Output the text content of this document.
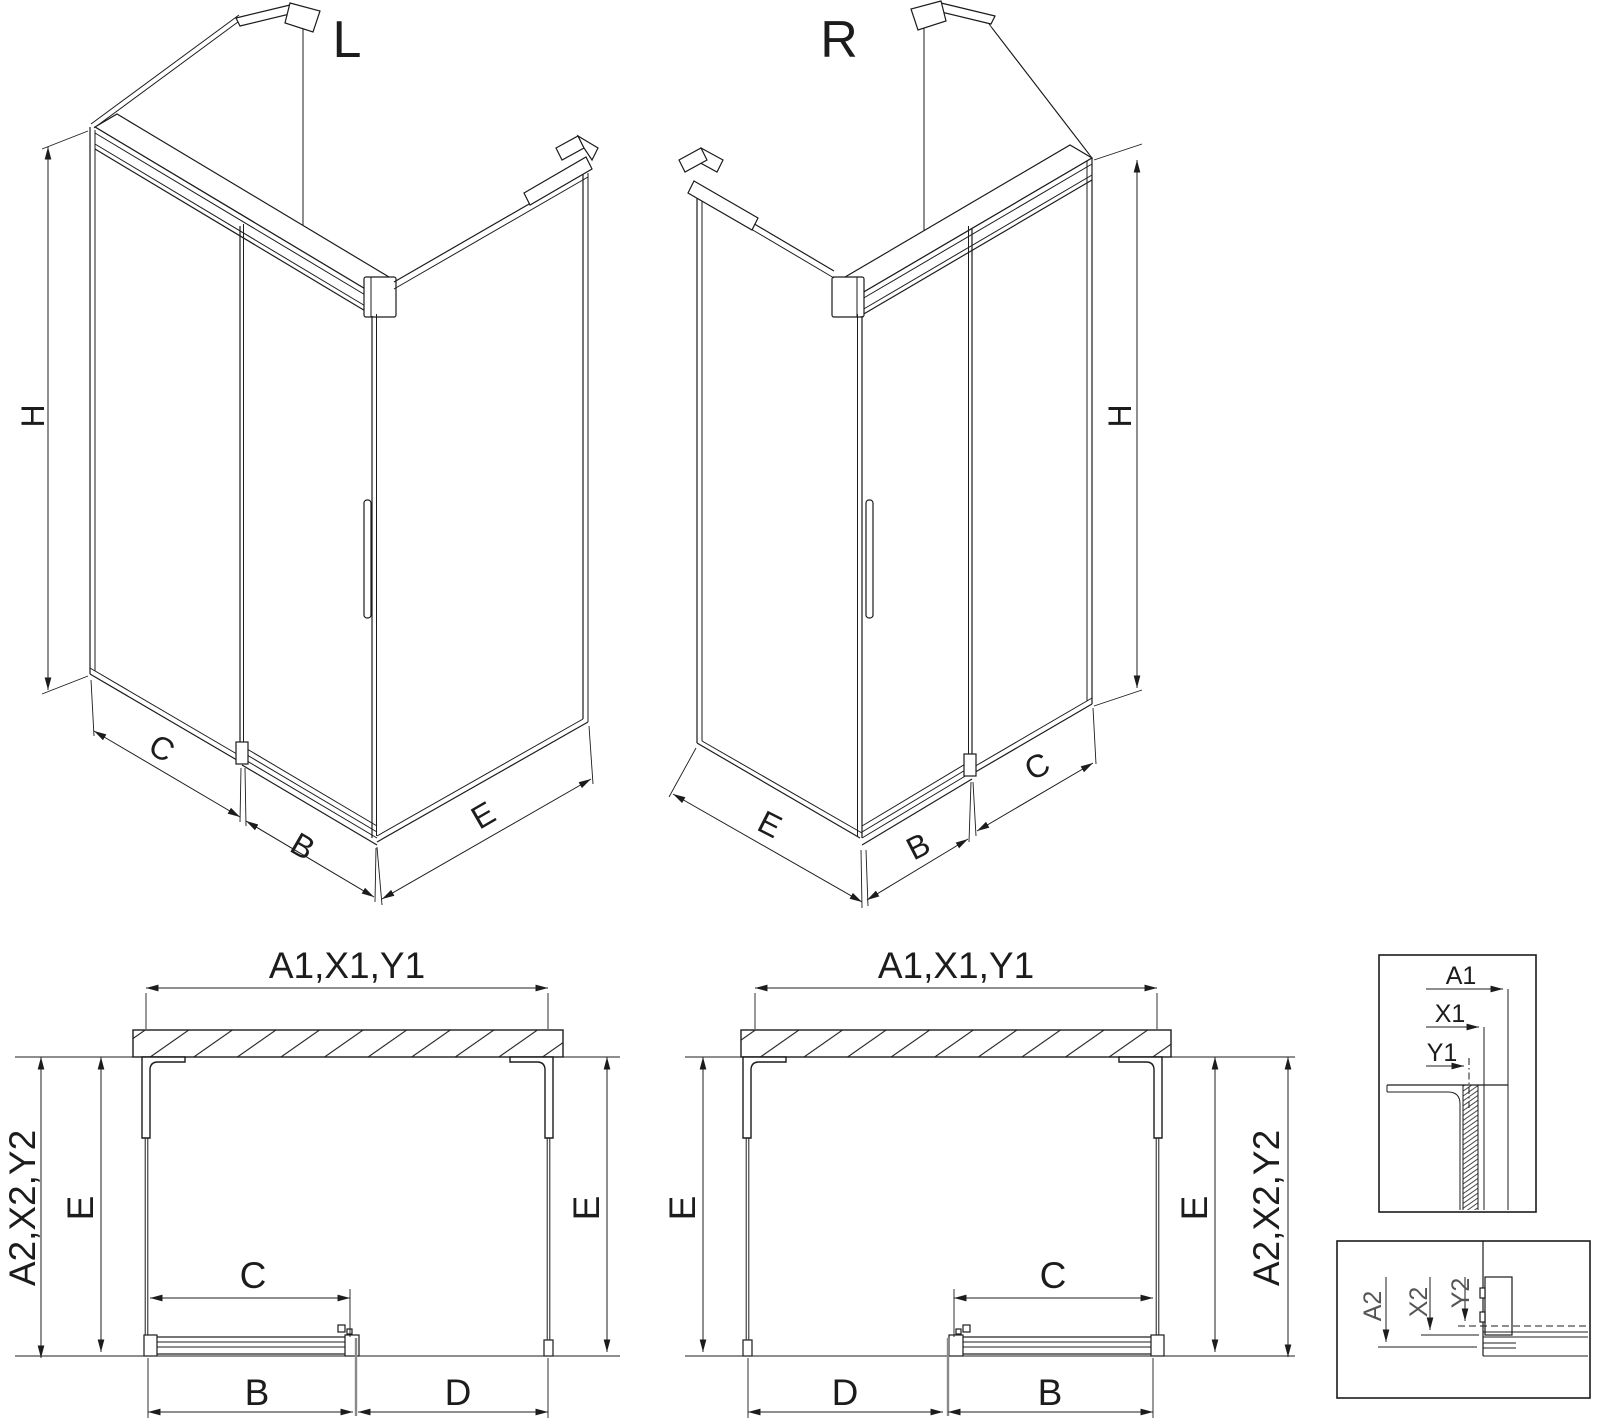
L
H
C
B
E
R
H
E
B
C
A1,X1,Y1
A2,X2,Y2 E	E
C
B	D
A1,X1,Y1
E	E A2,X2,Y2
C
D	B
A1
X1
Y1
A2 X2 Y2
